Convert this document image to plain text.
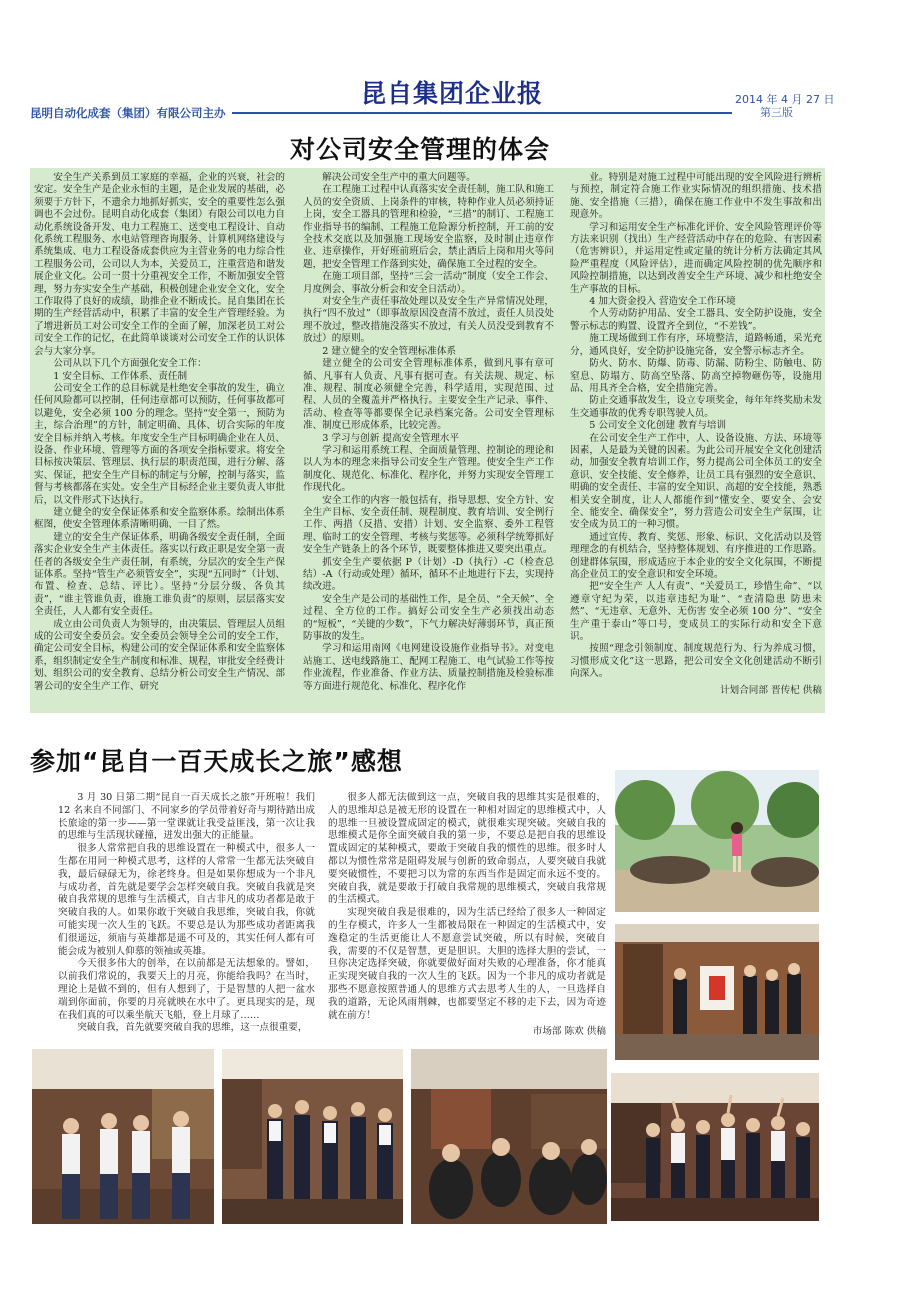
昆自集团企业报
昆明自动化成套（集团）有限公司主办
2014 年 4 月 27 日
第三版
对公司安全管理的体会

安全生产关系到员工家庭的幸福，企业的兴衰，社会的安定。安全生产是企业永恒的主题，是企业发展的基础，必须要于方针下，不遗余力地抓好抓实，安全的重要性怎么强调也不会过份。昆明自动化成套（集团）有限公司以电力自动化系统设备开发、电力工程施工、送变电工程设计、自动化系统工程服务、水电站管理咨询服务、计算机网络建设与系统集成、电力工程设备成套供应为主营业务的电力综合性工程服务公司，公司以人为本，关爱员工，注重营造和谐发展企业文化。公司一贯十分重视安全工作，不断加强安全管理，努力夯实安全生产基础，积极创建企业安全文化，安全工作取得了良好的成绩，助推企业不断成长。昆自集团在长期的生产经营活动中，积累了丰富的安全生产管理经验。为了增进新员工对公司安全工作的全面了解，加深老员工对公司安全工作的记忆，在此简单谈谈对公司安全工作的认识体会与大家分享。

公司从以下几个方面强化安全工作：

1 安全目标、工作体系、责任制

公司安全工作的总目标就是杜绝安全事故的发生，确立任何风险都可以控制，任何违章都可以预防，任何事故都可以避免，安全必须 100 分的理念。坚持“安全第一，预防为主，综合治理”的方针，制定明确、具体、切合实际的年度安全目标并纳入考核。年度安全生产目标明确企业在人员、设备、作业环境、管理等方面的各项安全指标要求。将安全目标按决策层、管理层、执行层的职责范围，进行分解、落实、保证，把安全生产目标的制定与分解，控制与落实，监督与考核都落在实处。安全生产目标经企业主要负责人审批后，以文件形式下达执行。

建立健全的安全保证体系和安全监察体系。绘制出体系框图，使安全管理体系清晰明确、一目了然。

建立的安全生产保证体系，明确各级安全责任制，全面落实企业安全生产主体责任。落实以行政正职是安全第一责任者的各级安全生产责任制，有系统，分层次的安全生产保证体系。坚持“管生产必须管安全”，实现“五同时”（计划、布置、检查、总结、评比）。坚持“分层分级、各负其责”，“谁主管谁负责，谁施工谁负责”的原则，层层落实安全责任，人人都有安全责任。

成立由公司负责人为领导的，由决策层、管理层人员组成的公司安全委员会。安全委员会领导全公司的安全工作，确定公司安全目标，构建公司的安全保证体系和安全监察体系，组织制定安全生产制度和标准、规程，审批安全经费计划、组织公司的安全教育、总结分析公司安全生产情况、部署公司的安全生产工作、研究

解决公司安全生产中的重大问题等。

在工程施工过程中认真落实安全责任制，施工队和施工人员的安全资质、上岗条件的审核，特种作业人员必须持证上岗，安全工器具的管理和检验，“三措”的制订、工程施工作业指导书的编制、工程施工危险源分析控制，开工前的安全技术交底以及加强施工现场安全监察，及时制止违章作业、违章操作，开好班前班后会，禁止酒后上岗和用火等问题，把安全管理工作落到实处，确保施工全过程的安全。

在施工项目部，坚持“三会一活动”制度（安全工作会、月度例会、事故分析会和安全日活动）。

对安全生产责任事故处理以及安全生产异常情况处理，执行“四不放过”（即事故原因没查清不放过，责任人员没处理不放过，整改措施没落实不放过，有关人员没受到教育不放过）的原则。

2 建立健全的安全管理标准体系

建立健全的公司安全管理标准体系，做到凡事有章可循、凡事有人负责、凡事有据可查。有关法规、规定、标准、规程、制度必须健全完善，科学适用，实现范围、过程、人员的全覆盖并严格执行。主要安全生产记录、事件、活动、检查等等都要保全记录档案完备。公司安全管理标准、制度已形成体系，比较完善。

3 学习与创新 提高安全管理水平

学习和运用系统工程、全面质量管理、控制论的理论和以人为本的理念来指导公司安全生产管理。使安全生产工作制度化、规范化、标准化、程序化，并努力实现安全管理工作现代化。

安全工作的内容一般包括有，指导思想、安全方针、安全生产目标、安全责任制、规程制度、教育培训、安全例行工作、两措（反措、安措）计划、安全监察、委外工程管理、临时工的安全管理、考核与奖惩等。必须科学统筹抓好安全生产链条上的各个环节，既要整体推进又要突出重点。

抓安全生产要依据 P（计划）-D（执行）-C（检查总结）-A（行动或处理）循环，循环不止地进行下去，实现持续改进。

安全生产是公司的基础性工作，是全员、“全天候”、全过程、全方位的工作。搞好公司安全生产必须找出动态的“短板”，“关键的少数”，下气力解决好薄弱环节，真正预防事故的发生。

学习和运用南网《电网建设设施作业指导书》。对变电站施工、送电线路施工、配网工程施工、电气试验工作等按作业流程，作业准备、作业方法、质量控制措施及检验标准等方面进行规范化、标准化、程序化作

业。特别是对施工过程中可能出现的安全风险进行辨析与预控，制定符合施工作业实际情况的组织措施、技术措施、安全措施（三措），确保在施工作业中不发生事故和出现意外。

学习和运用安全生产标准化评价、安全风险管理评价等方法来识别（找出）生产经营活动中存在的危险、有害因素（危害辨识），并运用定性或定量的统计分析方法确定其风险严重程度（风险评估），进而确定风险控制的优先顺序和风险控制措施，以达到改善安全生产环境、减少和杜绝安全生产事故的目标。

4 加大资金投入 营造安全工作环境

个人劳动防护用品、安全工器具、安全防护设施，安全警示标志的购置、设置齐全到位，“不差钱”。

施工现场做到工作有序，环境整洁，道路畅通，采光充分，通风良好，安全防护设施完备，安全警示标志齐全。

防火、防水、防爆、防毒、防漏、防粉尘、防触电、防窒息、防塌方、防高空坠落、防高空掉物砸伤等，设施用品、用具齐全合格，安全措施完善。

防止交通事故发生，设立专项奖金，每年年终奖励未发生交通事故的优秀专职驾驶人员。

5 公司安全文化创建 教育与培训

在公司安全生产工作中，人、设备设施、方法、环境等因素，人是最为关键的因素。为此公司开展安全文化创建活动，加强安全教育培训工作，努力提高公司全体员工的安全意识、安全技能、安全修养，让员工具有强烈的安全意识、明确的安全责任、丰富的安全知识、高超的安全技能，熟悉相关安全制度，让人人都能作到“懂安全、要安全、会安全、能安全、确保安全”，努力营造公司安全生产氛围，让安全成为员工的一种习惯。

通过宣传、教育、奖惩、形象、标识、文化活动以及管理理念的有机结合，坚持整体规划、有序推进的工作思路。创建群体氛围，形成适应于本企业的安全文化氛围，不断提高企业员工的安全意识和安全环境。

把“安全生产 人人有责”、“关爱员工，珍惜生命”、“以遵章守纪为荣，以违章违纪为耻”、“查清隐患 防患未然”、“无违章、无意外、无伤害 安全必须 100 分”、“安全生产重于泰山”等口号，变成员工的实际行动和安全下意识。

按照“理念引领制度、制度规范行为、行为养成习惯，习惯形成文化”这一思路，把公司安全文化创建活动不断引向深入。

计划合同部 晋传杞 供稿

参加“昆自一百天成长之旅”感想

3 月 30 日第二期“昆自一百天成长之旅”开班啦！我们 12 名来自不同部门、不同家乡的学员带着好奇与期待踏出成长旅途的第一步——第一堂课就让我受益匪浅，第一次让我的思维与生活现状碰撞，迸发出强大的正能量。

很多人常常把自我的思维设置在一种模式中，很多人一生都在用同一种模式思考，这样的人常常一生都无法突破自我，最后碌碌无为，徐老终身。但是如果你想成为一个非凡与成功者，首先就是要学会怎样突破自我。突破自我就是突破自我常规的思维与生活模式，自古非凡的成功者都是敢于突破自我的人。如果你敢于突破自我思维，突破自我，你就可能实现一次人生的飞跃。不要总是认为那些成功者距离我们很遥远，须庙与英雄都是遥不可及的，其实任何人都有可能会成为被别人仰慕的领袖或英雄。

今天很多伟大的创举，在以前都是无法想象的。譬如，以前我们常说的，我要天上的月亮，你能给我吗？在当时，理论上是做不到的，但有人想到了，于是智慧的人把一盆水端到你面前，你要的月亮就映在水中了。更具现实的是，现在我们真的可以乘坐航天飞船，登上月球了……

突破自我，首先就要突破自我的思维，这一点很重要，

很多人都无法做到这一点，突破自我的思维其实是很难的，人的思维却总是被无形的设置在一种相对固定的思维模式中，人的思维一旦被设置成固定的模式，就很难实现突破。突破自我的思维模式是你全面突破自我的第一步，不要总是把自我的思维设置成固定的某种模式，要敢于突破自我的惯性的思维。很多时人都以为惯性常常是阻碍发展与创新的致命弱点，人要突破自我就要突破惯性，不要把习以为常的东西当作是固定而永远不变的。突破自我，就是要敢于打破自我常规的思维模式，突破自我常规的生活模式。

实现突破自我是很难的，因为生活已经给了很多人一种固定的生存模式，许多人一生都被局限在一种固定的生活模式中，安逸稳定的生活更能让人不愿意尝试突破，所以有时候，突破自我，需要的不仅是智慧，更是胆识。大胆的选择大胆的尝试，一旦你决定选择突破，你就要做好面对失败的心理准备，你才能真正实现突破自我的一次人生的飞跃。因为一个非凡的成功者就是那些不愿意按照普通人的思维方式去思考人生的人，一旦选择自我的道路，无论风雨荆棘，也都要坚定不移的走下去，因为奇迹就在前方！

市场部 陈欢 供稿
